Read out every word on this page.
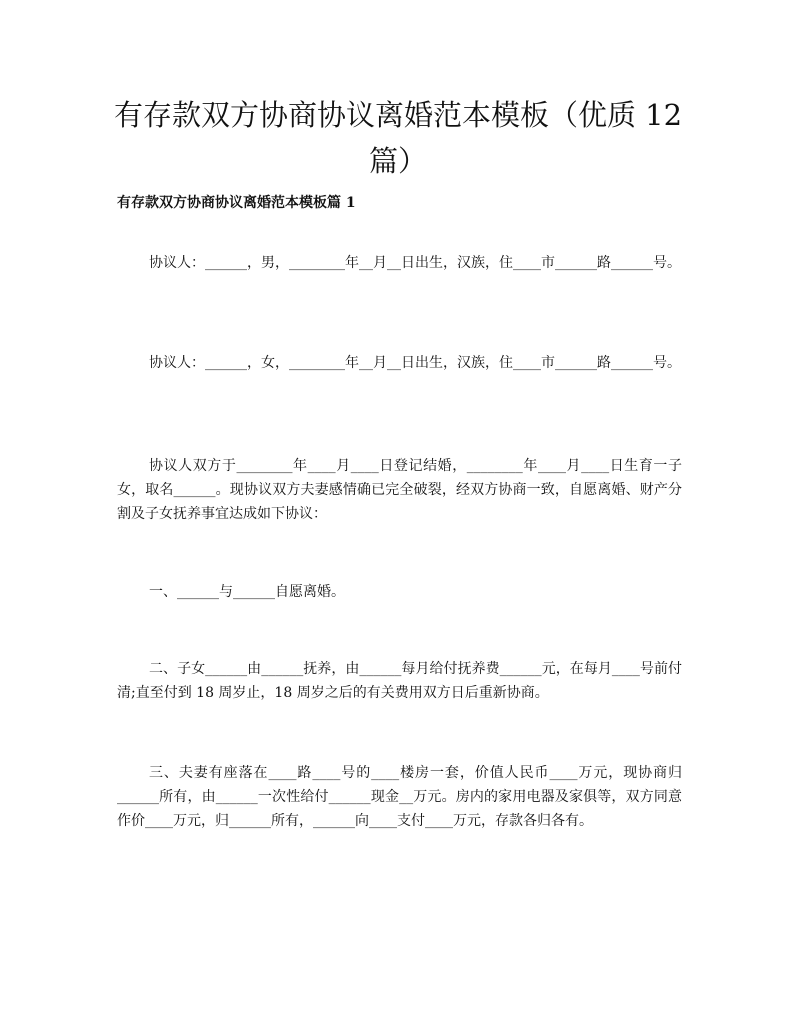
有存款双方协商协议离婚范本模板（优质 12 篇）
有存款双方协商协议离婚范本模板篇 1

协议人：______，男，________年__月__日出生，汉族，住____市______路______号。

协议人：______，女，________年__月__日出生，汉族，住____市______路______号。

协议人双方于________年____月____日登记结婚，________年____月____日生育一子女，取名______。现协议双方夫妻感情确已完全破裂，经双方协商一致，自愿离婚、财产分割及子女抚养事宜达成如下协议：

一、______与______自愿离婚。

二、子女______由______抚养，由______每月给付抚养费______元，在每月____号前付清;直至付到 18 周岁止，18 周岁之后的有关费用双方日后重新协商。

三、夫妻有座落在____路____号的____楼房一套，价值人民币____万元，现协商归______所有，由______一次性给付______现金__万元。房内的家用电器及家俱等，双方同意作价____万元，归______所有，______向____支付____万元，存款各归各有。
